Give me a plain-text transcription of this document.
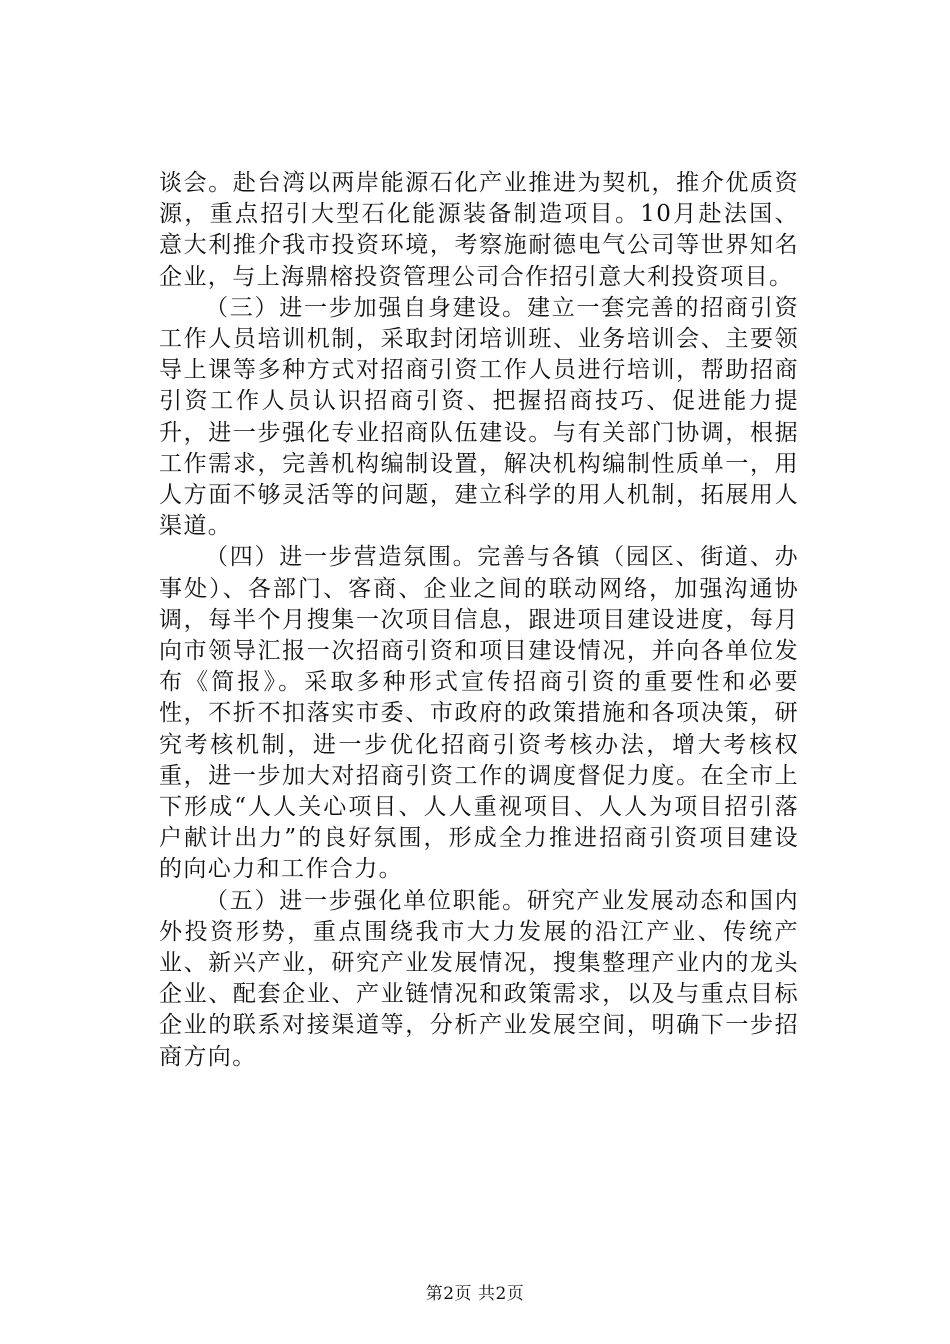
谈会。赴台湾以两岸能源石化产业推进为契机，推介优质资源，重点招引大型石化能源装备制造项目。10月赴法国、意大利推介我市投资环境，考察施耐德电气公司等世界知名企业，与上海鼎榕投资管理公司合作招引意大利投资项目。

（三）进一步加强自身建设。建立一套完善的招商引资工作人员培训机制，采取封闭培训班、业务培训会、主要领导上课等多种方式对招商引资工作人员进行培训，帮助招商引资工作人员认识招商引资、把握招商技巧、促进能力提升，进一步强化专业招商队伍建设。与有关部门协调，根据工作需求，完善机构编制设置，解决机构编制性质单一，用人方面不够灵活等的问题，建立科学的用人机制，拓展用人渠道。

（四）进一步营造氛围。完善与各镇（园区、街道、办事处）、各部门、客商、企业之间的联动网络，加强沟通协调，每半个月搜集一次项目信息，跟进项目建设进度，每月向市领导汇报一次招商引资和项目建设情况，并向各单位发布《简报》。采取多种形式宣传招商引资的重要性和必要性，不折不扣落实市委、市政府的政策措施和各项决策，研究考核机制，进一步优化招商引资考核办法，增大考核权重，进一步加大对招商引资工作的调度督促力度。在全市上下形成“人人关心项目、人人重视项目、人人为项目招引落户献计出力”的良好氛围，形成全力推进招商引资项目建设的向心力和工作合力。

（五）进一步强化单位职能。研究产业发展动态和国内外投资形势，重点围绕我市大力发展的沿江产业、传统产业、新兴产业，研究产业发展情况，搜集整理产业内的龙头企业、配套企业、产业链情况和政策需求，以及与重点目标企业的联系对接渠道等，分析产业发展空间，明确下一步招商方向。

第2页 共2页
